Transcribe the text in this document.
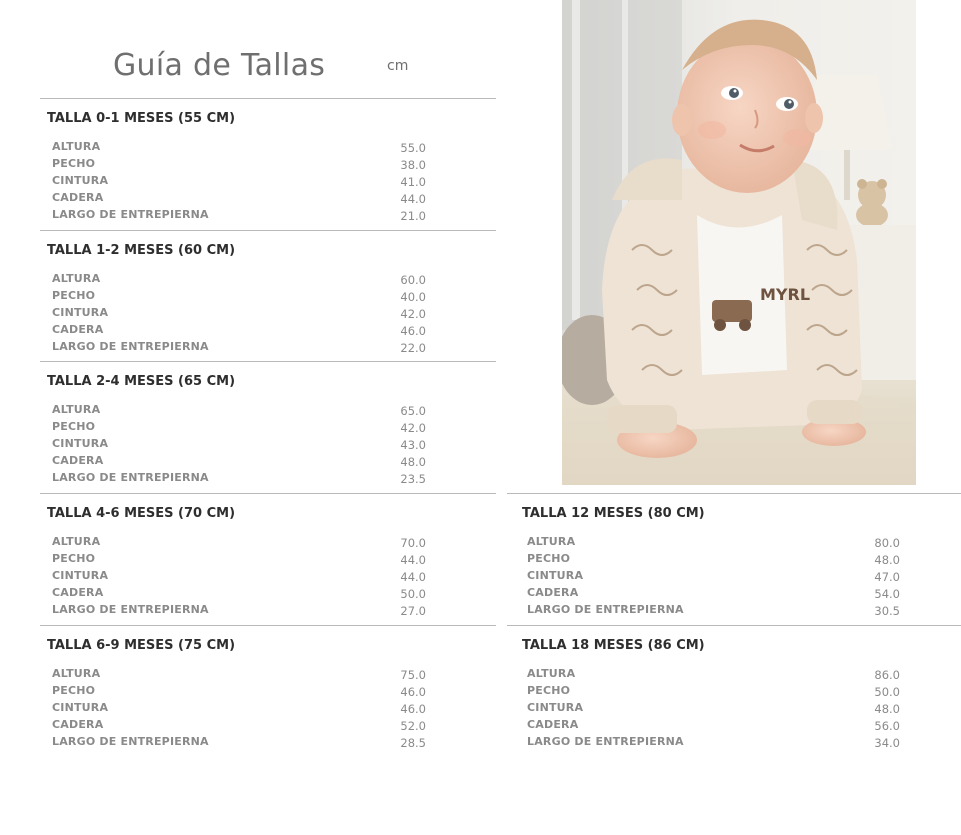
Guía de Tallas	cm
TALLA 0-1 MESES (55 CM)
ALTURA	55.0
PECHO	38.0
CINTURA	41.0
CADERA	44.0
LARGO DE ENTREPIERNA	21.0
TALLA 1-2 MESES (60 CM)
ALTURA	60.0
PECHO	40.0
CINTURA	42.0
CADERA	46.0
LARGO DE ENTREPIERNA	22.0
TALLA 2-4 MESES (65 CM)
ALTURA	65.0
PECHO	42.0
CINTURA	43.0
CADERA	48.0
LARGO DE ENTREPIERNA	23.5
TALLA 4-6 MESES (70 CM)
ALTURA	70.0
PECHO	44.0
CINTURA	44.0
CADERA	50.0
LARGO DE ENTREPIERNA	27.0
TALLA 6-9 MESES (75 CM)
ALTURA	75.0
PECHO	46.0
CINTURA	46.0
CADERA	52.0
LARGO DE ENTREPIERNA	28.5
TALLA 12 MESES (80 CM)
ALTURA	80.0
PECHO	48.0
CINTURA	47.0
CADERA	54.0
LARGO DE ENTREPIERNA	30.5
TALLA 18 MESES (86 CM)
ALTURA	86.0
PECHO	50.0
CINTURA	48.0
CADERA	56.0
LARGO DE ENTREPIERNA	34.0
MYRL
